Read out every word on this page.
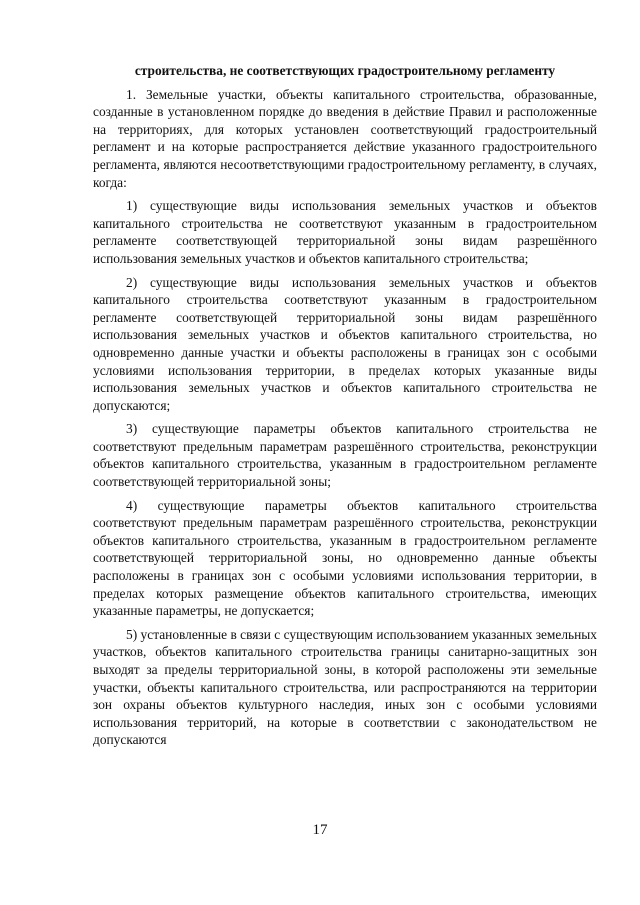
строительства, не соответствующих градостроительному регламенту

1. Земельные участки, объекты капитального строительства, образованные, созданные в установленном порядке до введения в действие Правил и расположенные на территориях, для которых установлен соответствующий градостроительный регламент и на которые распространяется действие указанного градостроительного регламента, являются несоответствующими градостроительному регламенту, в случаях, когда:

1) существующие виды использования земельных участков и объектов капитального строительства не соответствуют указанным в градостроительном регламенте соответствующей территориальной зоны видам разрешённого использования земельных участков и объектов капитального строительства;

2) существующие виды использования земельных участков и объектов капитального строительства соответствуют указанным в градостроительном регламенте соответствующей территориальной зоны видам разрешённого использования земельных участков и объектов капитального строительства, но одновременно данные участки и объекты расположены в границах зон с особыми условиями использования территории, в пределах которых указанные виды использования земельных участков и объектов капитального строительства не допускаются;

3) существующие параметры объектов капитального строительства не соответствуют предельным параметрам разрешённого строительства, реконструкции объектов капитального строительства, указанным в градостроительном регламенте соответствующей территориальной зоны;

4) существующие параметры объектов капитального строительства соответствуют предельным параметрам разрешённого строительства, реконструкции объектов капитального строительства, указанным в градостроительном регламенте соответствующей территориальной зоны, но одновременно данные объекты расположены в границах зон с особыми условиями использования территории, в пределах которых размещение объектов капитального строительства, имеющих указанные параметры, не допускается;

5) установленные в связи с существующим использованием указанных земельных участков, объектов капитального строительства границы санитарно-защитных зон выходят за пределы территориальной зоны, в которой расположены эти земельные участки, объекты капитального строительства, или распространяются на территории зон охраны объектов культурного наследия, иных зон с особыми условиями использования территорий, на которые в соответствии с законодательством не допускаются

17
